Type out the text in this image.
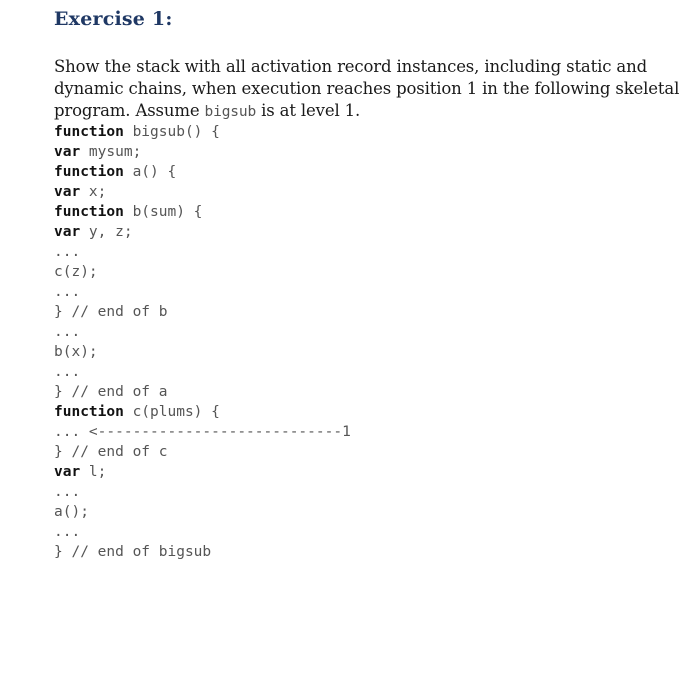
Exercise 1:

Show the stack with all activation record instances, including static and
dynamic chains, when execution reaches position 1 in the following skeletal
program. Assume bigsub is at level 1.

function bigsub() {
var mysum;
function a() {
var x;
function b(sum) {
var y, z;
...
c(z);
...
} // end of b
...
b(x);
...
} // end of a
function c(plums) {
... <----------------------------1
} // end of c
var l;
...
a();
...
} // end of bigsub
